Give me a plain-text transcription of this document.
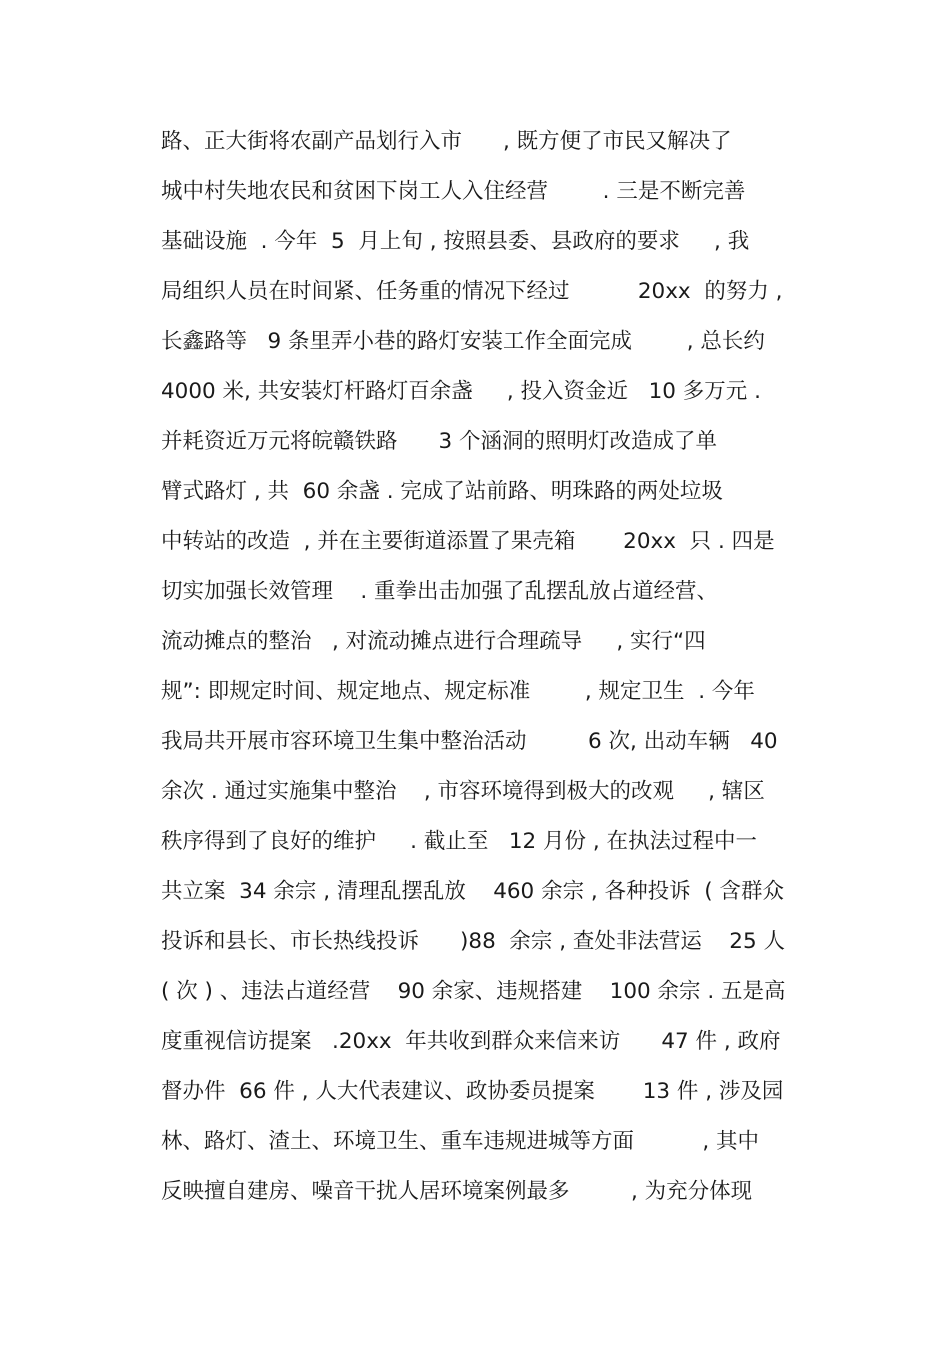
路、正大街将农副产品划行入市      , 既方便了市民又解决了
城中村失地农民和贫困下岗工人入住经营        . 三是不断完善
基础设施  . 今年  5  月上旬 , 按照县委、县政府的要求     , 我
局组织人员在时间紧、任务重的情况下经过          20xx  的努力 ,
长鑫路等   9 条里弄小巷的路灯安装工作全面完成        , 总长约
4000 米, 共安装灯杆路灯百余盏     , 投入资金近   10 多万元 .
并耗资近万元将皖赣铁路      3 个涵洞的照明灯改造成了单
臂式路灯 , 共  60 余盏 . 完成了站前路、明珠路的两处垃圾
中转站的改造  , 并在主要街道添置了果壳箱       20xx  只 . 四是
切实加强长效管理    . 重拳出击加强了乱摆乱放占道经营、
流动摊点的整治   , 对流动摊点进行合理疏导     , 实行“四
规”: 即规定时间、规定地点、规定标准        , 规定卫生  . 今年
我局共开展市容环境卫生集中整治活动         6 次, 出动车辆   40
余次 . 通过实施集中整治    , 市容环境得到极大的改观     , 辖区
秩序得到了良好的维护     . 截止至   12 月份 , 在执法过程中一
共立案  34 余宗 , 清理乱摆乱放    460 余宗 , 各种投诉  ( 含群众
投诉和县长、市长热线投诉      )88  余宗 , 查处非法营运    25 人
( 次 ) 、违法占道经营    90 余家、违规搭建    100 余宗 . 五是高
度重视信访提案   .20xx  年共收到群众来信来访      47 件 , 政府
督办件  66 件 , 人大代表建议、政协委员提案       13 件 , 涉及园
林、路灯、渣土、环境卫生、重车违规进城等方面          , 其中
反映擅自建房、噪音干扰人居环境案例最多         , 为充分体现
